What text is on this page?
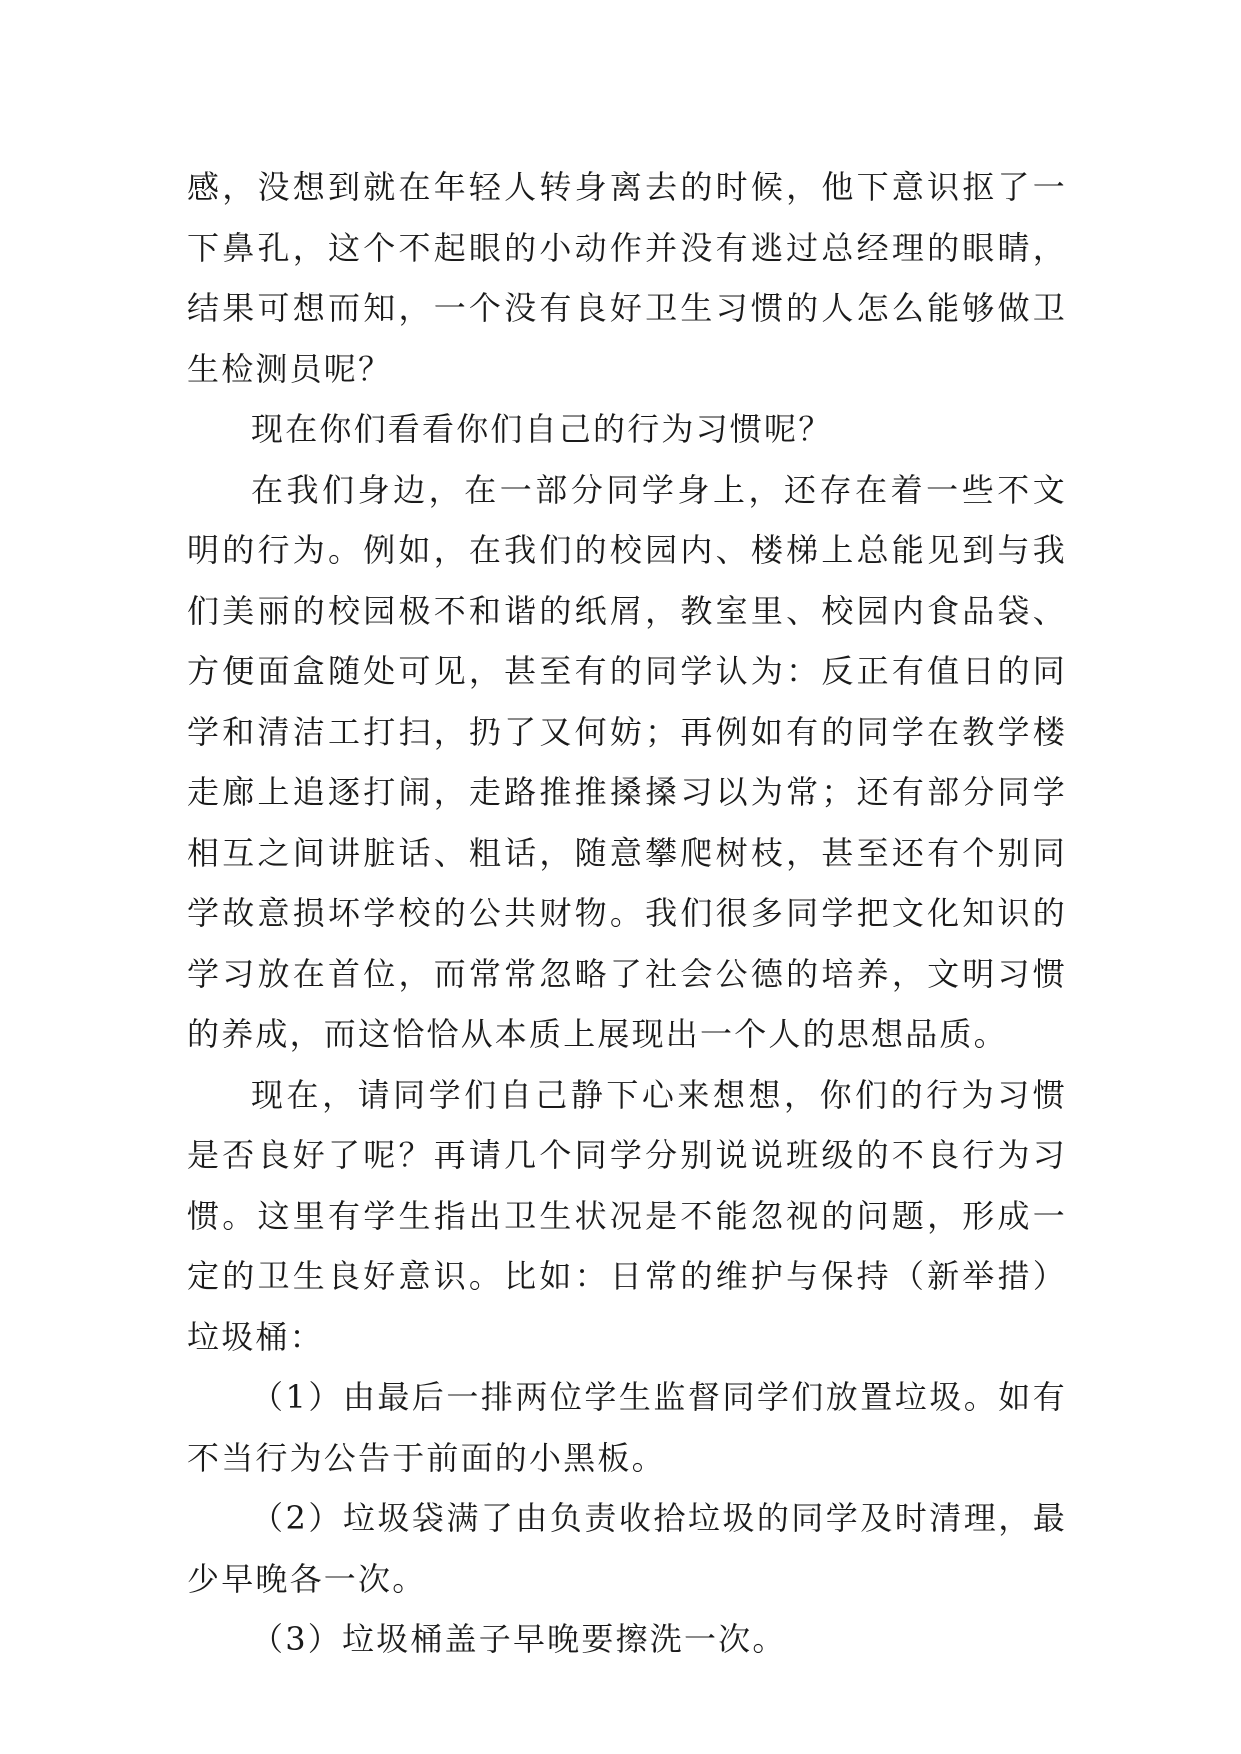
感，没想到就在年轻人转身离去的时候，他下意识抠了一下鼻孔，这个不起眼的小动作并没有逃过总经理的眼睛，结果可想而知，一个没有良好卫生习惯的人怎么能够做卫生检测员呢？

现在你们看看你们自己的行为习惯呢？

在我们身边，在一部分同学身上，还存在着一些不文明的行为。例如，在我们的校园内、楼梯上总能见到与我们美丽的校园极不和谐的纸屑，教室里、校园内食品袋、方便面盒随处可见，甚至有的同学认为：反正有值日的同学和清洁工打扫，扔了又何妨；再例如有的同学在教学楼走廊上追逐打闹，走路推推搡搡习以为常；还有部分同学相互之间讲脏话、粗话，随意攀爬树枝，甚至还有个别同学故意损坏学校的公共财物。我们很多同学把文化知识的学习放在首位，而常常忽略了社会公德的培养，文明习惯的养成，而这恰恰从本质上展现出一个人的思想品质。

现在，请同学们自己静下心来想想，你们的行为习惯是否良好了呢？再请几个同学分别说说班级的不良行为习惯。这里有学生指出卫生状况是不能忽视的问题，形成一定的卫生良好意识。比如：日常的维护与保持（新举措）垃圾桶：

（1）由最后一排两位学生监督同学们放置垃圾。如有不当行为公告于前面的小黑板。

（2）垃圾袋满了由负责收拾垃圾的同学及时清理，最少早晚各一次。

（3）垃圾桶盖子早晚要擦洗一次。
